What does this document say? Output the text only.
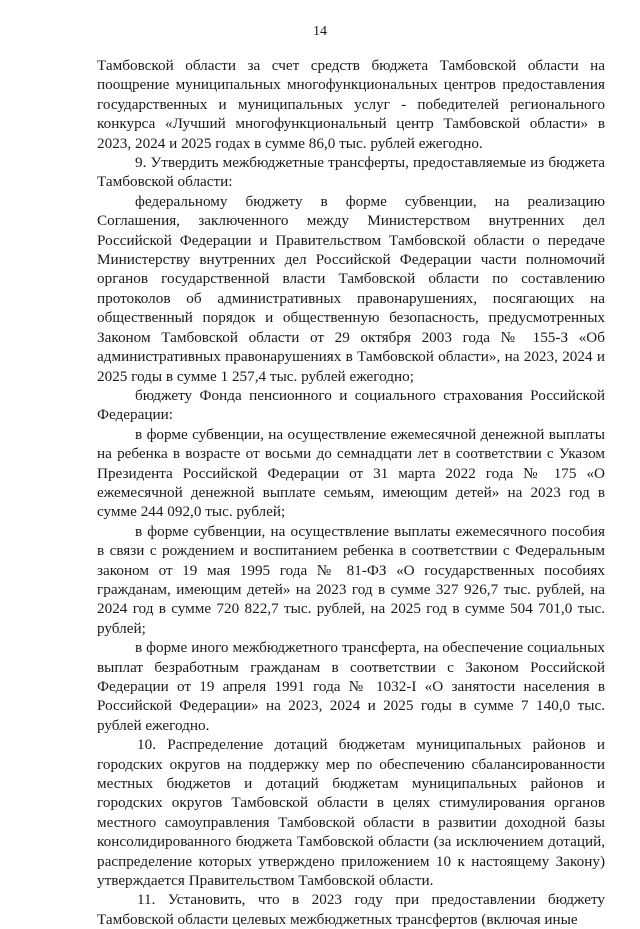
14

Тамбовской области за счет средств бюджета Тамбовской области на поощрение муниципальных многофункциональных центров предоставления государственных и муниципальных услуг - победителей регионального конкурса «Лучший многофункциональный центр Тамбовской области» в 2023, 2024 и 2025 годах в сумме 86,0 тыс. рублей ежегодно.

9. Утвердить межбюджетные трансферты, предоставляемые из бюджета Тамбовской области:

федеральному бюджету в форме субвенции, на реализацию Соглашения, заключенного между Министерством внутренних дел Российской Федерации и Правительством Тамбовской области о передаче Министерству внутренних дел Российской Федерации части полномочий органов государственной власти Тамбовской области по составлению протоколов об административных правонарушениях, посягающих на общественный порядок и общественную безопасность, предусмотренных Законом Тамбовской области от 29 октября 2003 года № 155-З «Об административных правонарушениях в Тамбовской области», на 2023, 2024 и 2025 годы в сумме 1 257,4 тыс. рублей ежегодно;

бюджету Фонда пенсионного и социального страхования Российской Федерации:

в форме субвенции, на осуществление ежемесячной денежной выплаты на ребенка в возрасте от восьми до семнадцати лет в соответствии с Указом Президента Российской Федерации от 31 марта 2022 года № 175 «О ежемесячной денежной выплате семьям, имеющим детей» на 2023 год в сумме 244 092,0 тыс. рублей;

в форме субвенции, на осуществление выплаты ежемесячного пособия в связи с рождением и воспитанием ребенка в соответствии с Федеральным законом от 19 мая 1995 года № 81-ФЗ «О государственных пособиях гражданам, имеющим детей» на 2023 год в сумме 327 926,7 тыс. рублей, на 2024 год в сумме 720 822,7 тыс. рублей, на 2025 год в сумме 504 701,0 тыс. рублей;

в форме иного межбюджетного трансферта, на обеспечение социальных выплат безработным гражданам в соответствии с Законом Российской Федерации от 19 апреля 1991 года № 1032-I «О занятости населения в Российской Федерации» на 2023, 2024 и 2025 годы в сумме 7 140,0 тыс. рублей ежегодно.

10. Распределение дотаций бюджетам муниципальных районов и городских округов на поддержку мер по обеспечению сбалансированности местных бюджетов и дотаций бюджетам муниципальных районов и городских округов Тамбовской области в целях стимулирования органов местного самоуправления Тамбовской области в развитии доходной базы консолидированного бюджета Тамбовской области (за исключением дотаций, распределение которых утверждено приложением 10 к настоящему Закону) утверждается Правительством Тамбовской области.

11. Установить, что в 2023 году при предоставлении бюджету Тамбовской области целевых межбюджетных трансфертов (включая иные
